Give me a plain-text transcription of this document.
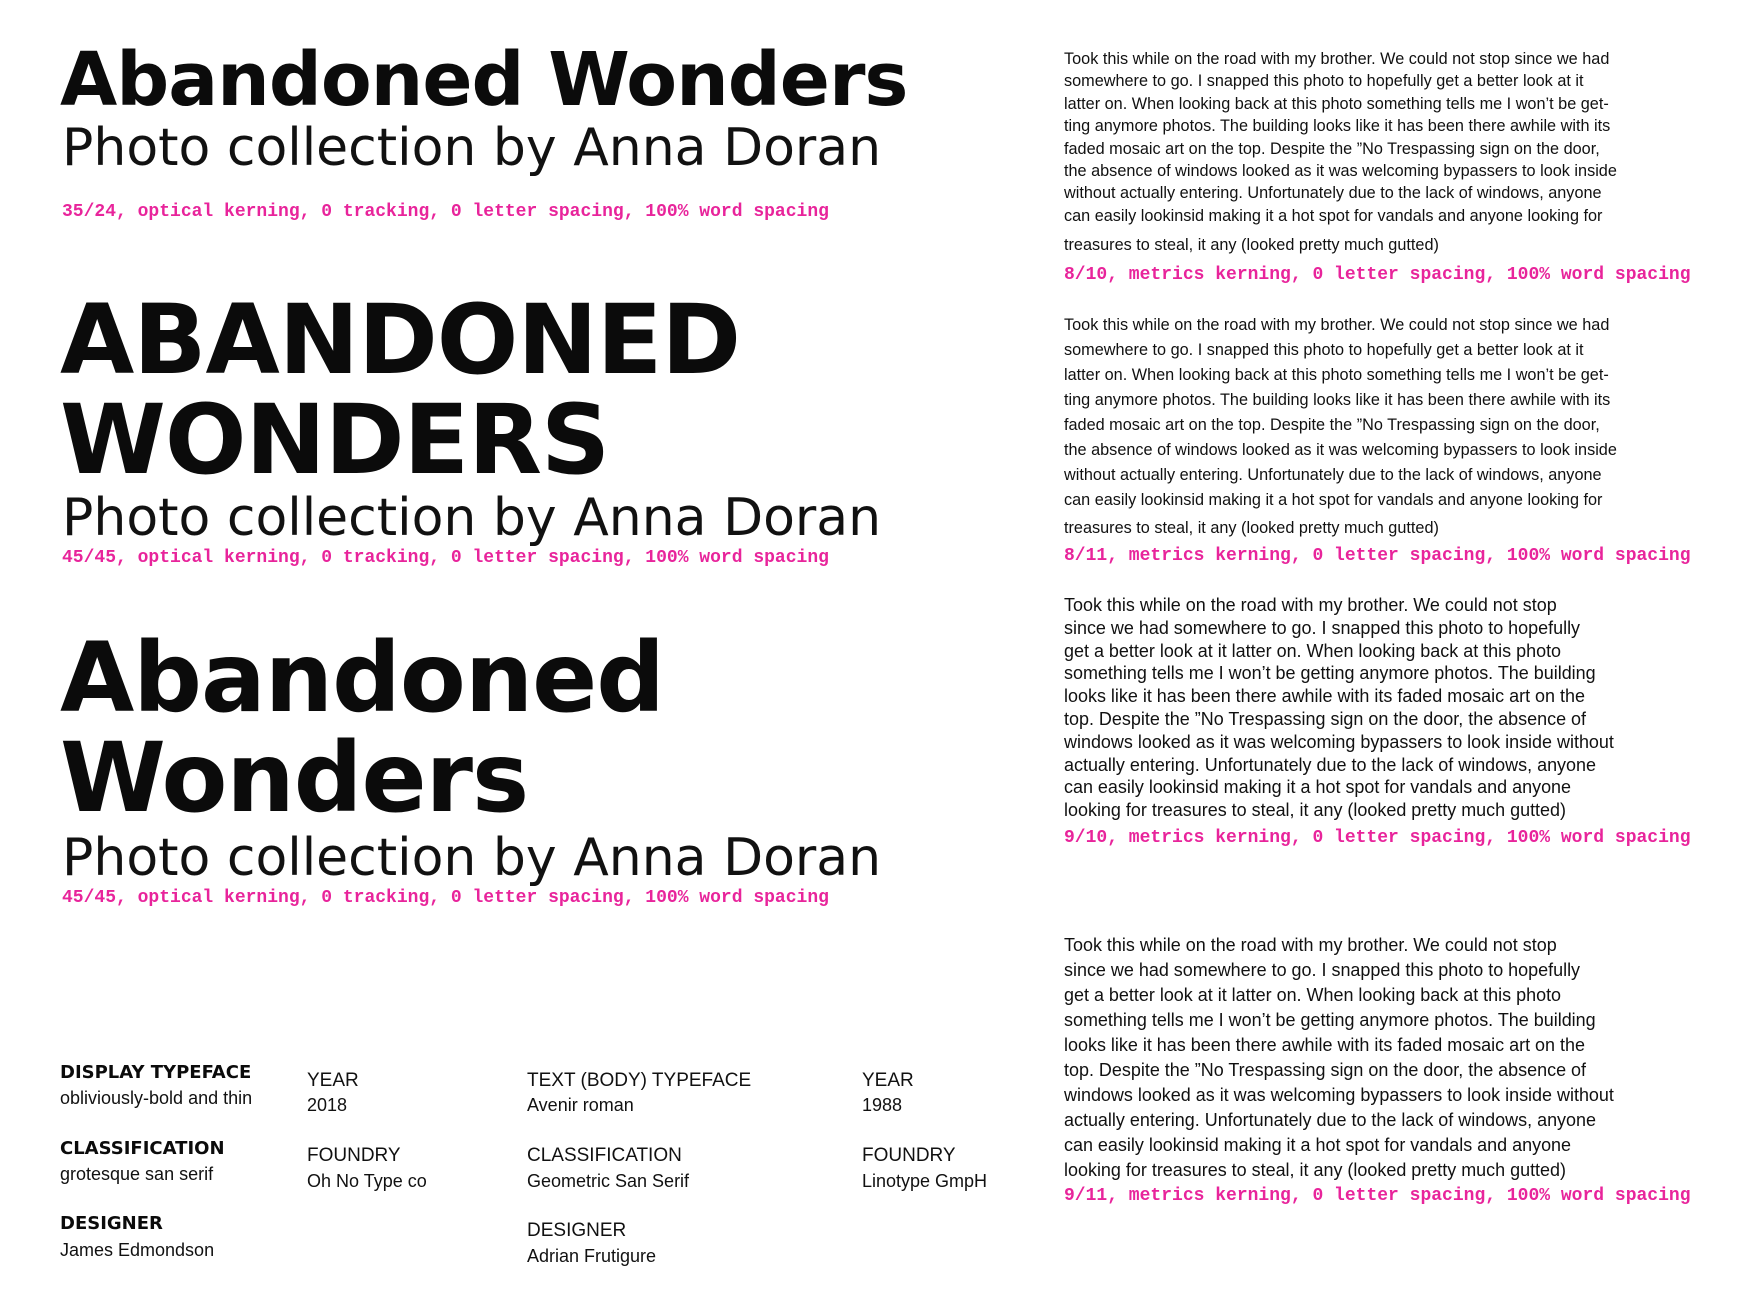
Abandoned Wonders
Photo collection by Anna Doran
35/24, optical kerning, 0 tracking, 0 letter spacing, 100% word spacing
ABANDONED
WONDERS
Photo collection by Anna Doran
45/45, optical kerning, 0 tracking, 0 letter spacing, 100% word spacing
Abandoned
Wonders
Photo collection by Anna Doran
45/45, optical kerning, 0 tracking, 0 letter spacing, 100% word spacing
Took this while on the road with my brother. We could not stop since we had
somewhere to go. I snapped this photo to hopefully get a better look at it
latter on. When looking back at this photo something tells me I won’t be get-
ting anymore photos. The building looks like it has been there awhile with its
faded mosaic art on the top. Despite the ”No Trespassing sign on the door,
the absence of windows looked as it was welcoming bypassers to look inside
without actually entering. Unfortunately due to the lack of windows, anyone
can easily lookinsid making it a hot spot for vandals and anyone looking for
treasures to steal, it any (looked pretty much gutted)
8/10, metrics kerning, 0 letter spacing, 100% word spacing
Took this while on the road with my brother. We could not stop since we had
somewhere to go. I snapped this photo to hopefully get a better look at it
latter on. When looking back at this photo something tells me I won’t be get-
ting anymore photos. The building looks like it has been there awhile with its
faded mosaic art on the top. Despite the ”No Trespassing sign on the door,
the absence of windows looked as it was welcoming bypassers to look inside
without actually entering. Unfortunately due to the lack of windows, anyone
can easily lookinsid making it a hot spot for vandals and anyone looking for
treasures to steal, it any (looked pretty much gutted)
8/11, metrics kerning, 0 letter spacing, 100% word spacing
Took this while on the road with my brother. We could not stop
since we had somewhere to go. I snapped this photo to hopefully
get a better look at it latter on. When looking back at this photo
something tells me I won’t be getting anymore photos. The building
looks like it has been there awhile with its faded mosaic art on the
top. Despite the ”No Trespassing sign on the door, the absence of
windows looked as it was welcoming bypassers to look inside without
actually entering. Unfortunately due to the lack of windows, anyone
can easily lookinsid making it a hot spot for vandals and anyone
looking for treasures to steal, it any (looked pretty much gutted)
9/10, metrics kerning, 0 letter spacing, 100% word spacing
Took this while on the road with my brother. We could not stop
since we had somewhere to go. I snapped this photo to hopefully
get a better look at it latter on. When looking back at this photo
something tells me I won’t be getting anymore photos. The building
looks like it has been there awhile with its faded mosaic art on the
top. Despite the ”No Trespassing sign on the door, the absence of
windows looked as it was welcoming bypassers to look inside without
actually entering. Unfortunately due to the lack of windows, anyone
can easily lookinsid making it a hot spot for vandals and anyone
looking for treasures to steal, it any (looked pretty much gutted)
9/11, metrics kerning, 0 letter spacing, 100% word spacing
DISPLAY TYPEFACE
obliviously-bold and thin
CLASSIFICATION
grotesque san serif
DESIGNER
James Edmondson
YEAR
2018
FOUNDRY
Oh No Type co
TEXT (BODY) TYPEFACE
Avenir roman
CLASSIFICATION
Geometric San Serif
DESIGNER
Adrian Frutigure
YEAR
1988
FOUNDRY
Linotype GmpH
